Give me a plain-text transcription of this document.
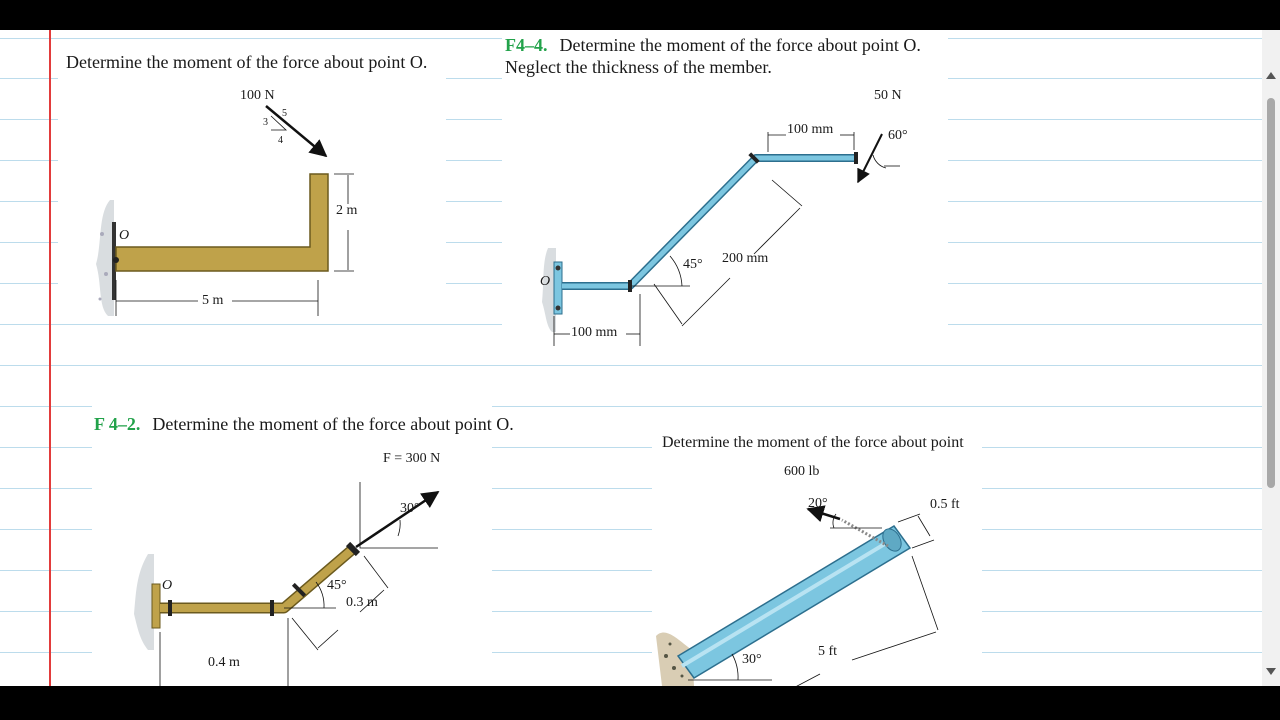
Determine the moment of the force about point O.
100 N
5
3
4
O
2 m
5 m
F4–4. Determine the moment of the force about point O.
Neglect the thickness of the member.
50 N
60°
100 mm
200 mm
45°
O
100 mm
F 4–2. Determine the moment of the force about point O.
F = 300 N
30°
45°
0.3 m
O
0.4 m
Determine the moment of the force about point
600 lb
20°	0.5 ft
5 ft
30°
